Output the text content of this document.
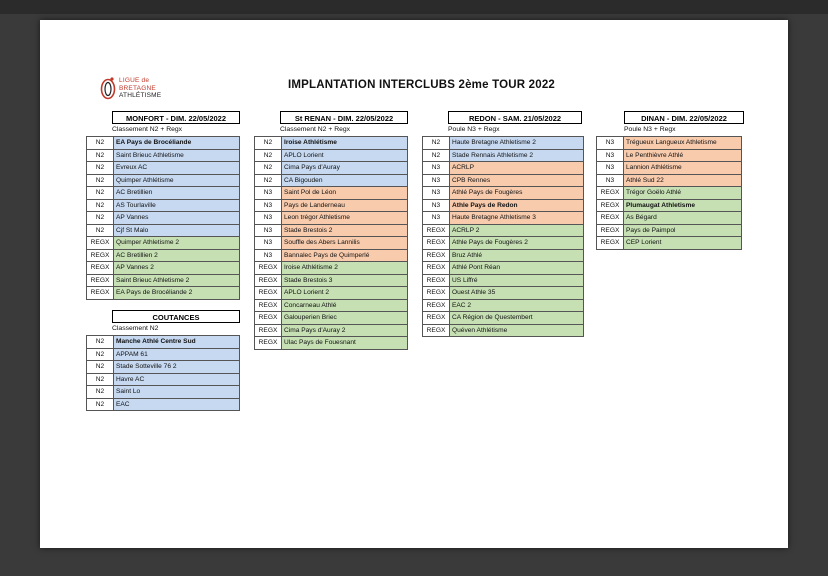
LIGUE de
BRETAGNE
ATHLÉTISME
IMPLANTATION INTERCLUBS 2ème TOUR 2022
MONFORT - DIM. 22/05/2022
Classement N2 + Regx
N2	EA Pays de Brocéliande
N2	Saint Brieuc Athletisme
N2	Evreux AC
N2	Quimper Athlétisme
N2	AC Bretillien
N2	AS Tourlaville
N2	AP Vannes
N2	Cjf St Malo
REGX	Quimper Athletisme 2
REGX	AC Bretillien 2
REGX	AP Vannes 2
REGX	Saint Brieuc Athletisme 2
REGX	EA Pays de Brocéliande 2
COUTANCES
Classement N2
N2	Manche Athlé Centre Sud
N2	APPAM 61
N2	Stade Sotteville 76 2
N2	Havre AC
N2	Saint Lo
N2	EAC
St RENAN - DIM. 22/05/2022
Classement N2 + Regx
N2	Iroise Athlétisme
N2	APLO Lorient
N2	Cima Pays d'Auray
N2	CA Bigouden
N3	Saint Pol de Léon
N3	Pays de Landerneau
N3	Leon trégor Athletisme
N3	Stade Brestois 2
N3	Souffle des Abers Lannilis
N3	Bannalec Pays de Quimperlé
REGX	Iroise Athlétisme 2
REGX	Stade Brestois 3
REGX	APLO Lorient 2
REGX	Concarneau Athlé
REGX	Galouperien Briec
REGX	Cima Pays d'Auray 2
REGX	Ulac Pays de Fouesnant
REDON - SAM. 21/05/2022
Poule N3 + Regx
N2	Haute Bretagne Athletisme 2
N2	Stade Rennais Athletisme 2
N3	ACRLP
N3	CPB Rennes
N3	Athlé Pays de Fougères
N3	Athle Pays de Redon
N3	Haute Bretagne Athletisme 3
REGX	ACRLP 2
REGX	Athle Pays de Fougères 2
REGX	Bruz Athlé
REGX	Athlé Pont Réan
REGX	US Liffré
REGX	Ouest Athle 35
REGX	EAC 2
REGX	CA Région de Questembert
REGX	Quéven Athlétisme
DINAN - DIM. 22/05/2022
Poule N3 + Regx
N3	Trégueux Langueux Athletisme
N3	Le Penthièvre Athlé
N3	Lannion Athlétisme
N3	Athlé Sud 22
REGX	Trégor Goëlo Athlé
REGX	Plumaugat Athletisme
REGX	As Bégard
REGX	Pays de Paimpol
REGX	CEP Lorient
